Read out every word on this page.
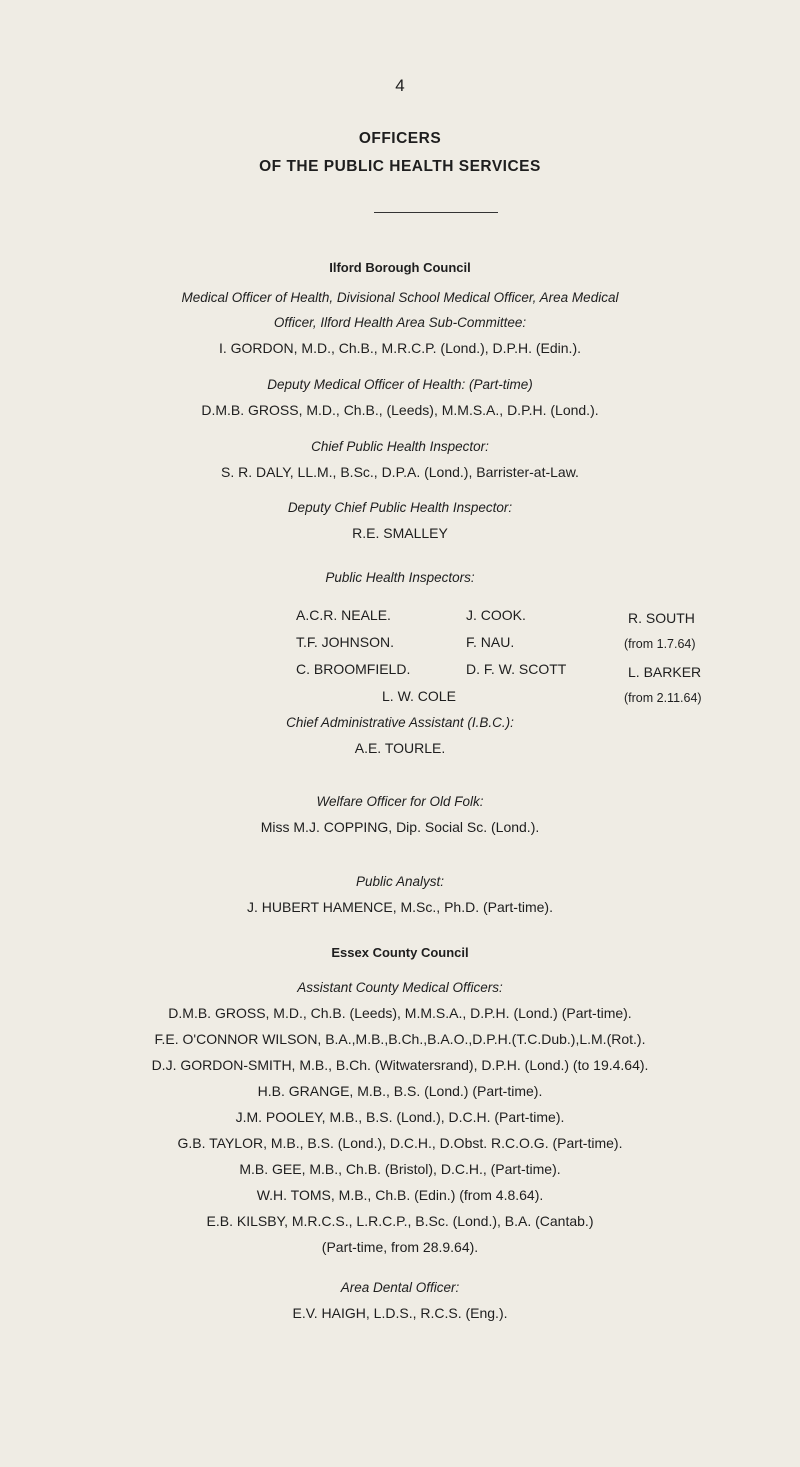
4
OFFICERS
OF THE PUBLIC HEALTH SERVICES
Ilford Borough Council
Medical Officer of Health, Divisional School Medical Officer, Area Medical
Officer, Ilford Health Area Sub-Committee:
I. GORDON, M.D., Ch.B., M.R.C.P. (Lond.), D.P.H. (Edin.).
Deputy Medical Officer of Health: (Part-time)
D.M.B. GROSS, M.D., Ch.B., (Leeds), M.M.S.A., D.P.H. (Lond.).
Chief Public Health Inspector:
S. R. DALY, LL.M., B.Sc., D.P.A. (Lond.), Barrister-at-Law.
Deputy Chief Public Health Inspector:
R.E. SMALLEY
Public Health Inspectors:
A.C.R. NEALE.
T.F. JOHNSON.
C. BROOMFIELD.
J. COOK.
F. NAU.
D. F. W. SCOTT
R. SOUTH
(from 1.7.64)
L. BARKER
(from 2.11.64)
L. W. COLE
Chief Administrative Assistant (I.B.C.):
A.E. TOURLE.
Welfare Officer for Old Folk:
Miss M.J. COPPING, Dip. Social Sc. (Lond.).
Public Analyst:
J. HUBERT HAMENCE, M.Sc., Ph.D. (Part-time).
Essex County Council
Assistant County Medical Officers:
D.M.B. GROSS, M.D., Ch.B. (Leeds), M.M.S.A., D.P.H. (Lond.) (Part-time).
F.E. O'CONNOR WILSON, B.A.,M.B.,B.Ch.,B.A.O.,D.P.H.(T.C.Dub.),L.M.(Rot.).
D.J. GORDON-SMITH, M.B., B.Ch. (Witwatersrand), D.P.H. (Lond.) (to 19.4.64).
H.B. GRANGE, M.B., B.S. (Lond.) (Part-time).
J.M. POOLEY, M.B., B.S. (Lond.), D.C.H. (Part-time).
G.B. TAYLOR, M.B., B.S. (Lond.), D.C.H., D.Obst. R.C.O.G. (Part-time).
M.B. GEE, M.B., Ch.B. (Bristol), D.C.H., (Part-time).
W.H. TOMS, M.B., Ch.B. (Edin.) (from 4.8.64).
E.B. KILSBY, M.R.C.S., L.R.C.P., B.Sc. (Lond.), B.A. (Cantab.)
(Part-time, from 28.9.64).
Area Dental Officer:
E.V. HAIGH, L.D.S., R.C.S. (Eng.).
